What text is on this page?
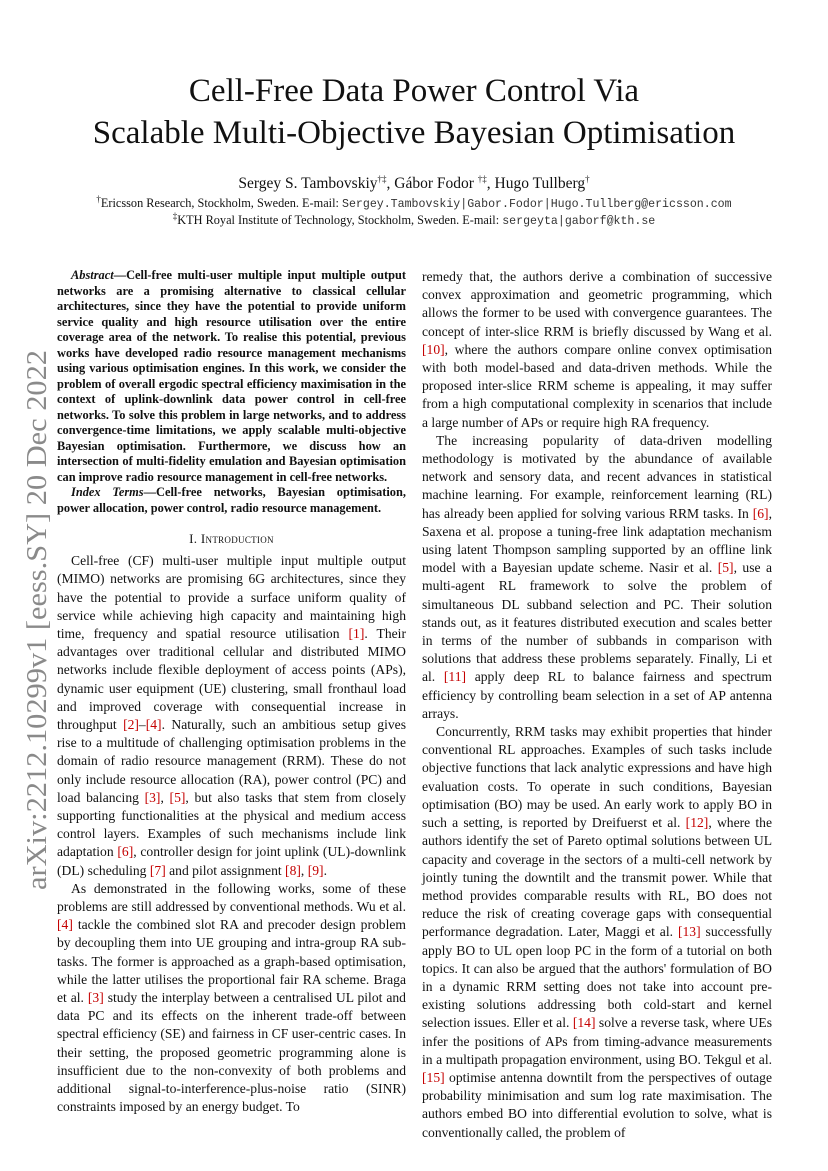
arXiv:2212.10299v1 [eess.SY] 20 Dec 2022
Cell-Free Data Power Control Via
Scalable Multi-Objective Bayesian Optimisation
Sergey S. Tambovskiy†‡, Gábor Fodor †‡, Hugo Tullberg†
†Ericsson Research, Stockholm, Sweden. E-mail: Sergey.Tambovskiy|Gabor.Fodor|Hugo.Tullberg@ericsson.com
‡KTH Royal Institute of Technology, Stockholm, Sweden. E-mail: sergeyta|gaborf@kth.se

Abstract—Cell-free multi-user multiple input multiple output networks are a promising alternative to classical cellular architectures, since they have the potential to provide uniform service quality and high resource utilisation over the entire coverage area of the network. To realise this potential, previous works have developed radio resource management mechanisms using various optimisation engines. In this work, we consider the problem of overall ergodic spectral efficiency maximisation in the context of uplink-downlink data power control in cell-free networks. To solve this problem in large networks, and to address convergence-time limitations, we apply scalable multi-objective Bayesian optimisation. Furthermore, we discuss how an intersection of multi-fidelity emulation and Bayesian optimisation can improve radio resource management in cell-free networks.

Index Terms—Cell-free networks, Bayesian optimisation, power allocation, power control, radio resource management.

I. Introduction

Cell-free (CF) multi-user multiple input multiple output (MIMO) networks are promising 6G architectures, since they have the potential to provide a surface uniform quality of service while achieving high capacity and maintaining high time, frequency and spatial resource utilisation [1]. Their advantages over traditional cellular and distributed MIMO networks include flexible deployment of access points (APs), dynamic user equipment (UE) clustering, small fronthaul load and improved coverage with consequential increase in throughput [2]–[4]. Naturally, such an ambitious setup gives rise to a multitude of challenging optimisation problems in the domain of radio resource management (RRM). These do not only include resource allocation (RA), power control (PC) and load balancing [3], [5], but also tasks that stem from closely supporting functionalities at the physical and medium access control layers. Examples of such mechanisms include link adaptation [6], controller design for joint uplink (UL)-downlink (DL) scheduling [7] and pilot assignment [8], [9].

As demonstrated in the following works, some of these problems are still addressed by conventional methods. Wu et al. [4] tackle the combined slot RA and precoder design problem by decoupling them into UE grouping and intra-group RA sub-tasks. The former is approached as a graph-based optimisation, while the latter utilises the proportional fair RA scheme. Braga et al. [3] study the interplay between a centralised UL pilot and data PC and its effects on the inherent trade-off between spectral efficiency (SE) and fairness in CF user-centric cases. In their setting, the proposed geometric programming alone is insufficient due to the non-convexity of both problems and additional signal-to-interference-plus-noise ratio (SINR) constraints imposed by an energy budget. To

remedy that, the authors derive a combination of successive convex approximation and geometric programming, which allows the former to be used with convergence guarantees. The concept of inter-slice RRM is briefly discussed by Wang et al. [10], where the authors compare online convex optimisation with both model-based and data-driven methods. While the proposed inter-slice RRM scheme is appealing, it may suffer from a high computational complexity in scenarios that include a large number of APs or require high RA frequency.

The increasing popularity of data-driven modelling methodology is motivated by the abundance of available network and sensory data, and recent advances in statistical machine learning. For example, reinforcement learning (RL) has already been applied for solving various RRM tasks. In [6], Saxena et al. propose a tuning-free link adaptation mechanism using latent Thompson sampling supported by an offline link model with a Bayesian update scheme. Nasir et al. [5], use a multi-agent RL framework to solve the problem of simultaneous DL subband selection and PC. Their solution stands out, as it features distributed execution and scales better in terms of the number of subbands in comparison with solutions that address these problems separately. Finally, Li et al. [11] apply deep RL to balance fairness and spectrum efficiency by controlling beam selection in a set of AP antenna arrays.

Concurrently, RRM tasks may exhibit properties that hinder conventional RL approaches. Examples of such tasks include objective functions that lack analytic expressions and have high evaluation costs. To operate in such conditions, Bayesian optimisation (BO) may be used. An early work to apply BO in such a setting, is reported by Dreifuerst et al. [12], where the authors identify the set of Pareto optimal solutions between UL capacity and coverage in the sectors of a multi-cell network by jointly tuning the downtilt and the transmit power. While that method provides comparable results with RL, BO does not reduce the risk of creating coverage gaps with consequential performance degradation. Later, Maggi et al. [13] successfully apply BO to UL open loop PC in the form of a tutorial on both topics. It can also be argued that the authors' formulation of BO in a dynamic RRM setting does not take into account pre-existing solutions addressing both cold-start and kernel selection issues. Eller et al. [14] solve a reverse task, where UEs infer the positions of APs from timing-advance measurements in a multipath propagation environment, using BO. Tekgul et al. [15] optimise antenna downtilt from the perspectives of outage probability minimisation and sum log rate maximisation. The authors embed BO into differential evolution to solve, what is conventionally called, the problem of
